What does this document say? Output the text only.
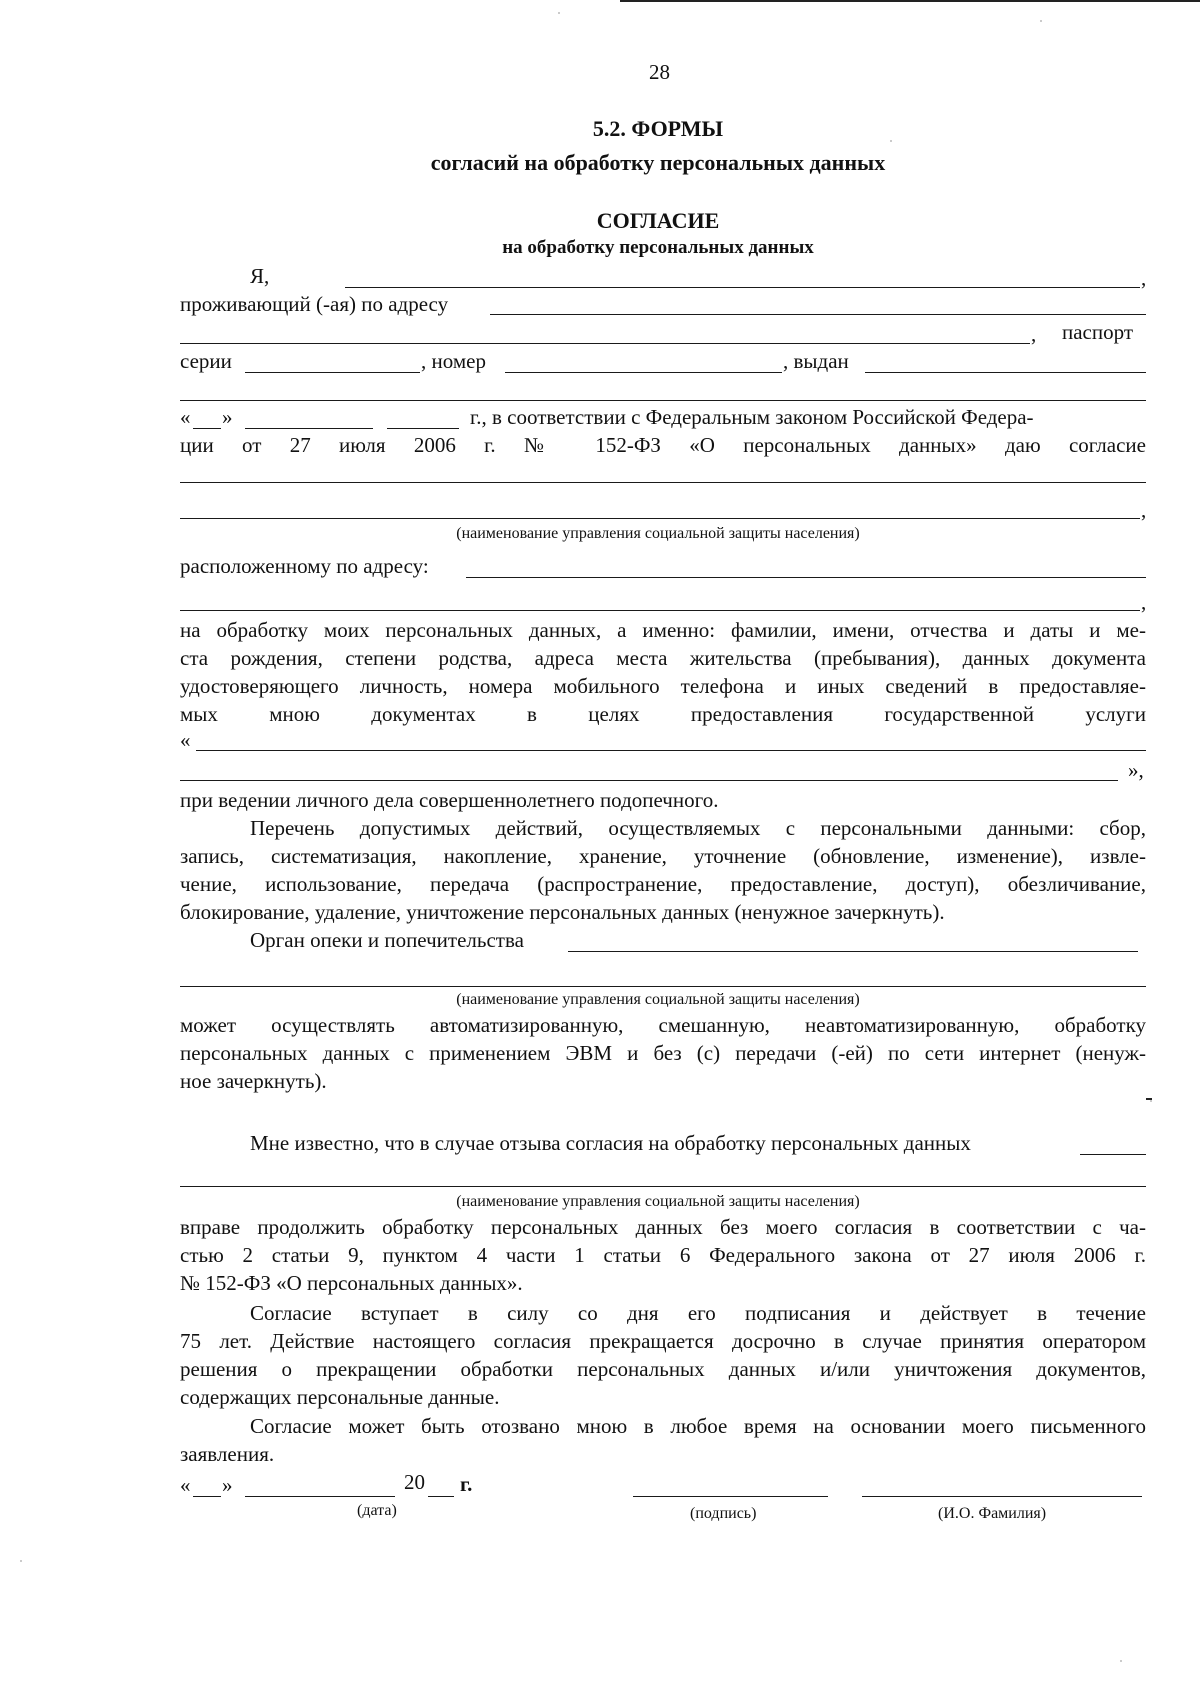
28
5.2. ФОРМЫ
согласий на обработку персональных данных
СОГЛАСИЕ
на обработку персональных данных
Я,	,
проживающий (-ая) по адресу
, паспорт
серии	, номер	, выдан
« »	г., в соответствии с Федеральным законом Российской Федера-
ции от 27 июля 2006 г. № 152-ФЗ «О персональных данных» даю согласие
,
(наименование управления социальной защиты населения)
расположенному по адресу:
,
на обработку моих персональных данных, а именно: фамилии, имени, отчества и даты и ме-
ста рождения, степени родства, адреса места жительства (пребывания), данных документа
удостоверяющего личность, номера мобильного телефона и иных сведений в предоставляе-
мых мною документах в целях предоставления государственной услуги
«
»,
при ведении личного дела совершеннолетнего подопечного.
Перечень допустимых действий, осуществляемых с персональными данными: сбор,
запись, систематизация, накопление, хранение, уточнение (обновление, изменение), извле-
чение, использование, передача (распространение, предоставление, доступ), обезличивание,
блокирование, удаление, уничтожение персональных данных (ненужное зачеркнуть).
Орган опеки и попечительства
(наименование управления социальной защиты населения)
может осуществлять автоматизированную, смешанную, неавтоматизированную, обработку
персональных данных с применением ЭВМ и без (с) передачи (-ей) по сети интернет (ненуж-
ное зачеркнуть).
Мне известно, что в случае отзыва согласия на обработку персональных данных
(наименование управления социальной защиты населения)
вправе продолжить обработку персональных данных без моего согласия в соответствии с ча-
стью 2 статьи 9, пунктом 4 части 1 статьи 6 Федерального закона от 27 июля 2006 г.
№ 152-ФЗ «О персональных данных».
Согласие вступает в силу со дня его подписания и действует в течение
75 лет. Действие настоящего согласия прекращается досрочно в случае принятия оператором
решения о прекращении обработки персональных данных и/или уничтожения документов,
содержащих персональные данные.
Согласие может быть отозвано мною в любое время на основании моего письменного
заявления.
« »	20 г.
(дата)	(подпись)	(И.О. Фамилия)
